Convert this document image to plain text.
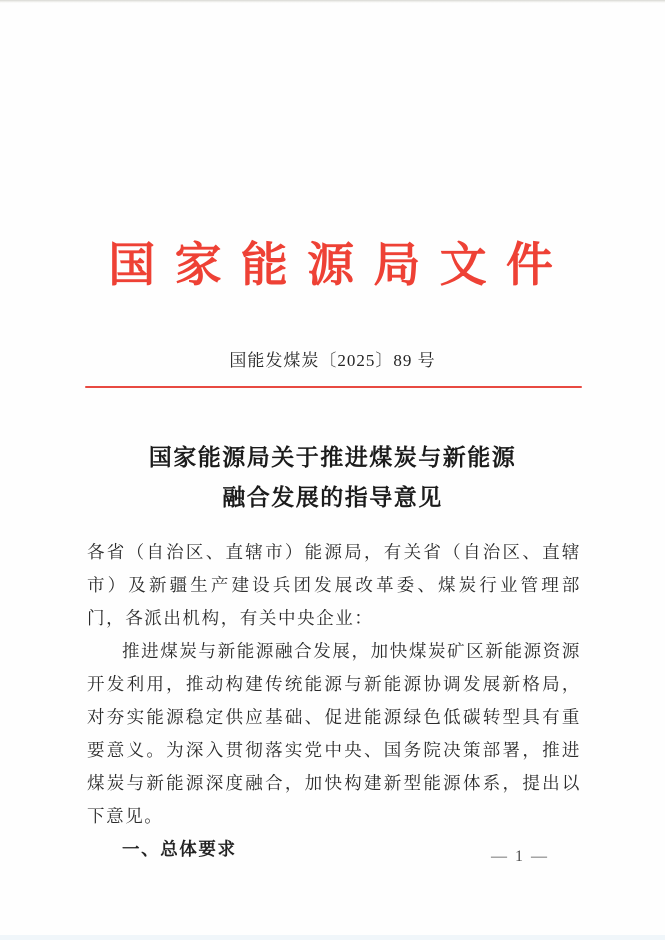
国 家 能 源 局 文 件
国能发煤炭〔2025〕89 号
国家能源局关于推进煤炭与新能源
融合发展的指导意见

各省（自治区、直辖市）能源局，有关省（自治区、直辖市）及新疆生产建设兵团发展改革委、煤炭行业管理部门，各派出机构，有关中央企业：

推进煤炭与新能源融合发展，加快煤炭矿区新能源资源开发利用，推动构建传统能源与新能源协调发展新格局，对夯实能源稳定供应基础、促进能源绿色低碳转型具有重要意义。为深入贯彻落实党中央、国务院决策部署，推进煤炭与新能源深度融合，加快构建新型能源体系，提出以下意见。

一、总体要求	— 1 —
